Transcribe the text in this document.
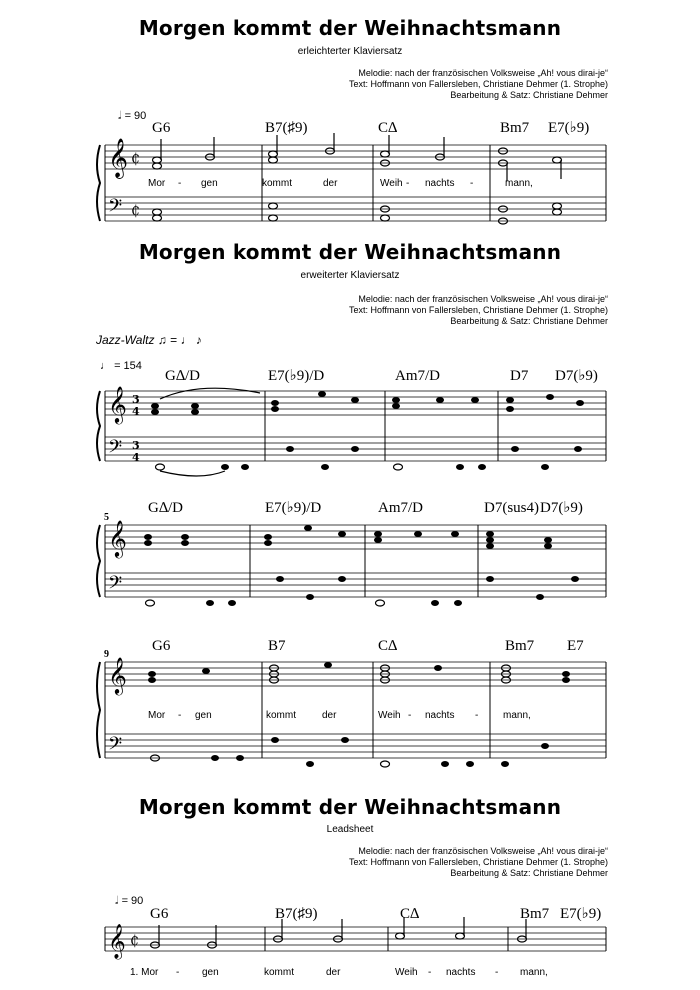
Morgen kommt der Weihnachtsmann
erleichterter Klaviersatz
Melodie: nach der französischen Volksweise „Ah! vous dirai-je“
Text: Hoffmann von Fallersleben, Christiane Dehmer (1. Strophe)
Bearbeitung & Satz: Christiane Dehmer
𝅗𝅥 = 90
G6	B7(♯9)	C∆	Bm7 E7(♭9)
𝄞
𝄢
₵
₵
Mor - gen	kommt	der	Weih - nachts -	mann,
Morgen kommt der Weihnachtsmann
erweiterter Klaviersatz
Melodie: nach der französischen Volksweise „Ah! vous dirai-je“
Text: Hoffmann von Fallersleben, Christiane Dehmer (1. Strophe)
Bearbeitung & Satz: Christiane Dehmer
Jazz-Waltz ♫ = ♩ ♪
♩ = 154
G∆/D	E7(♭9)/D	Am7/D	D7 D7(♭9)
𝄞
𝄢
3
4
3
4
5
G∆/D	E7(♭9)/D	Am7/D	D7(sus4) D7(♭9)
𝄞
𝄢
9
G6	B7	C∆	Bm7 E7
𝄞
𝄢
Mor - gen	kommt	der	Weih - nachts - mann,
Morgen kommt der Weihnachtsmann
Leadsheet
Melodie: nach der französischen Volksweise „Ah! vous dirai-je“
Text: Hoffmann von Fallersleben, Christiane Dehmer (1. Strophe)
Bearbeitung & Satz: Christiane Dehmer
𝅗𝅥 = 90
G6	B7(♯9)	C∆	Bm7 E7(♭9)
𝄞 ₵
1. Mor - gen	kommt	der	Weih - nachts - mann,
